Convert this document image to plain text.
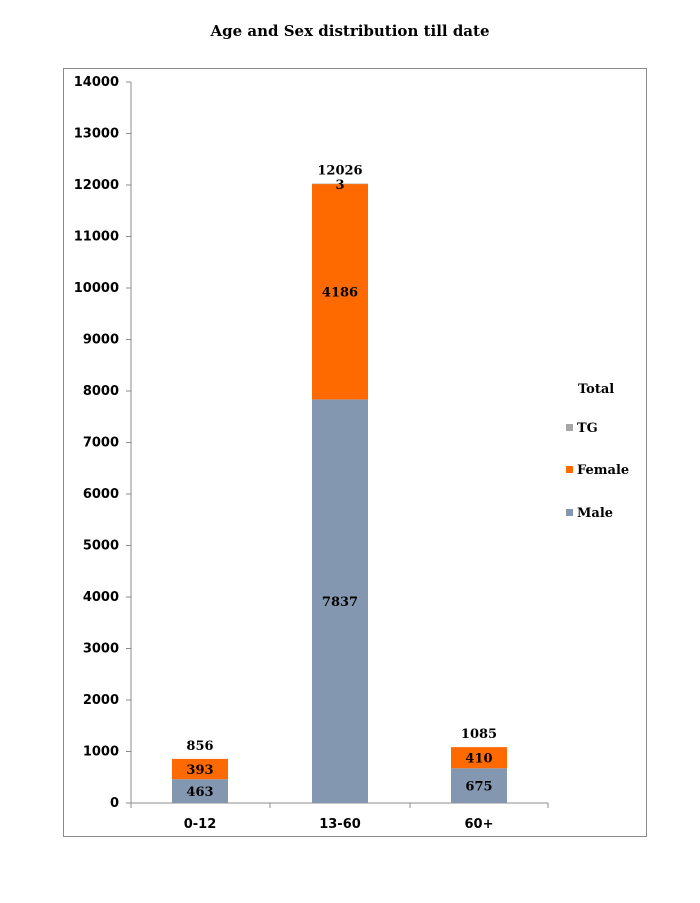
Age and Sex distribution till date
0
1000
2000
3000
4000
5000
6000
7000
8000
9000
10000
11000
12000
13000
14000
0-12	13-60	60+
463
393
856
7837
4186
3
12026
675
410
1085
Total
TG
Female
Male
